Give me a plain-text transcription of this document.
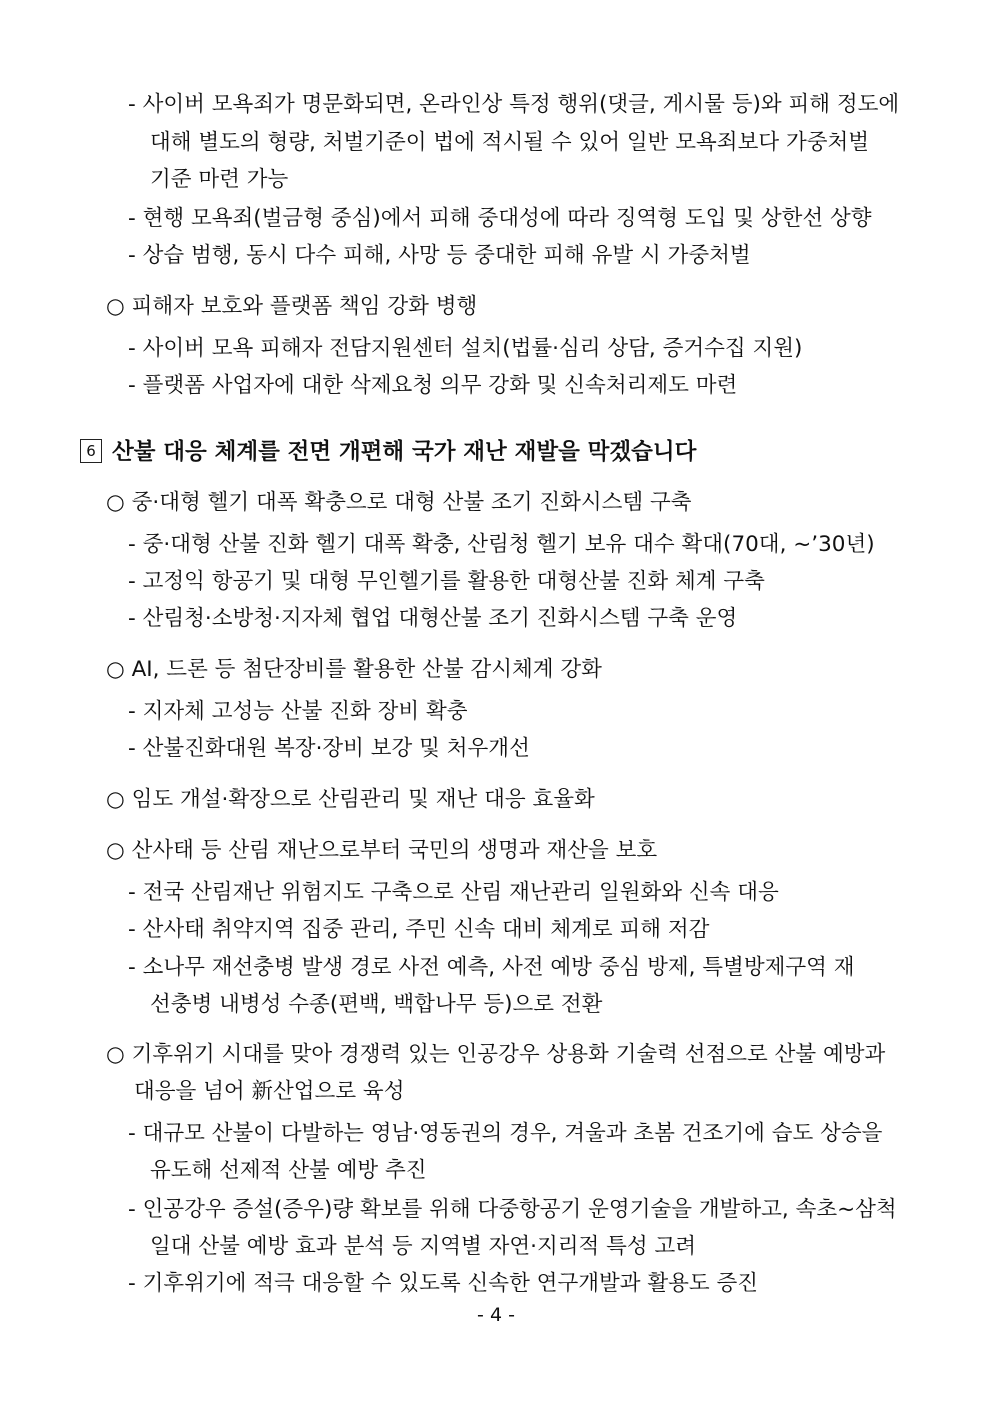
- 사이버 모욕죄가 명문화되면, 온라인상 특정 행위(댓글, 게시물 등)와 피해 정도에
대해 별도의 형량, 처벌기준이 법에 적시될 수 있어 일반 모욕죄보다 가중처벌
기준 마련 가능
- 현행 모욕죄(벌금형 중심)에서 피해 중대성에 따라 징역형 도입 및 상한선 상향
- 상습 범행, 동시 다수 피해, 사망 등 중대한 피해 유발 시 가중처벌
○ 피해자 보호와 플랫폼 책임 강화 병행
- 사이버 모욕 피해자 전담지원센터 설치(법률·심리 상담, 증거수집 지원)
- 플랫폼 사업자에 대한 삭제요청 의무 강화 및 신속처리제도 마련
6 산불 대응 체계를 전면 개편해 국가 재난 재발을 막겠습니다
○ 중·대형 헬기 대폭 확충으로 대형 산불 조기 진화시스템 구축
- 중·대형 산불 진화 헬기 대폭 확충, 산림청 헬기 보유 대수 확대(70대, ~’30년)
- 고정익 항공기 및 대형 무인헬기를 활용한 대형산불 진화 체계 구축
- 산림청·소방청·지자체 협업 대형산불 조기 진화시스템 구축 운영
○ AI, 드론 등 첨단장비를 활용한 산불 감시체계 강화
- 지자체 고성능 산불 진화 장비 확충
- 산불진화대원 복장·장비 보강 및 처우개선
○ 임도 개설·확장으로 산림관리 및 재난 대응 효율화
○ 산사태 등 산림 재난으로부터 국민의 생명과 재산을 보호
- 전국 산림재난 위험지도 구축으로 산림 재난관리 일원화와 신속 대응
- 산사태 취약지역 집중 관리, 주민 신속 대비 체계로 피해 저감
- 소나무 재선충병 발생 경로 사전 예측, 사전 예방 중심 방제, 특별방제구역 재
선충병 내병성 수종(편백, 백합나무 등)으로 전환
○ 기후위기 시대를 맞아 경쟁력 있는 인공강우 상용화 기술력 선점으로 산불 예방과
대응을 넘어 新산업으로 육성
- 대규모 산불이 다발하는 영남·영동권의 경우, 겨울과 초봄 건조기에 습도 상승을
유도해 선제적 산불 예방 추진
- 인공강우 증설(증우)량 확보를 위해 다중항공기 운영기술을 개발하고, 속초~삼척
일대 산불 예방 효과 분석 등 지역별 자연·지리적 특성 고려
- 기후위기에 적극 대응할 수 있도록 신속한 연구개발과 활용도 증진
- 4 -
